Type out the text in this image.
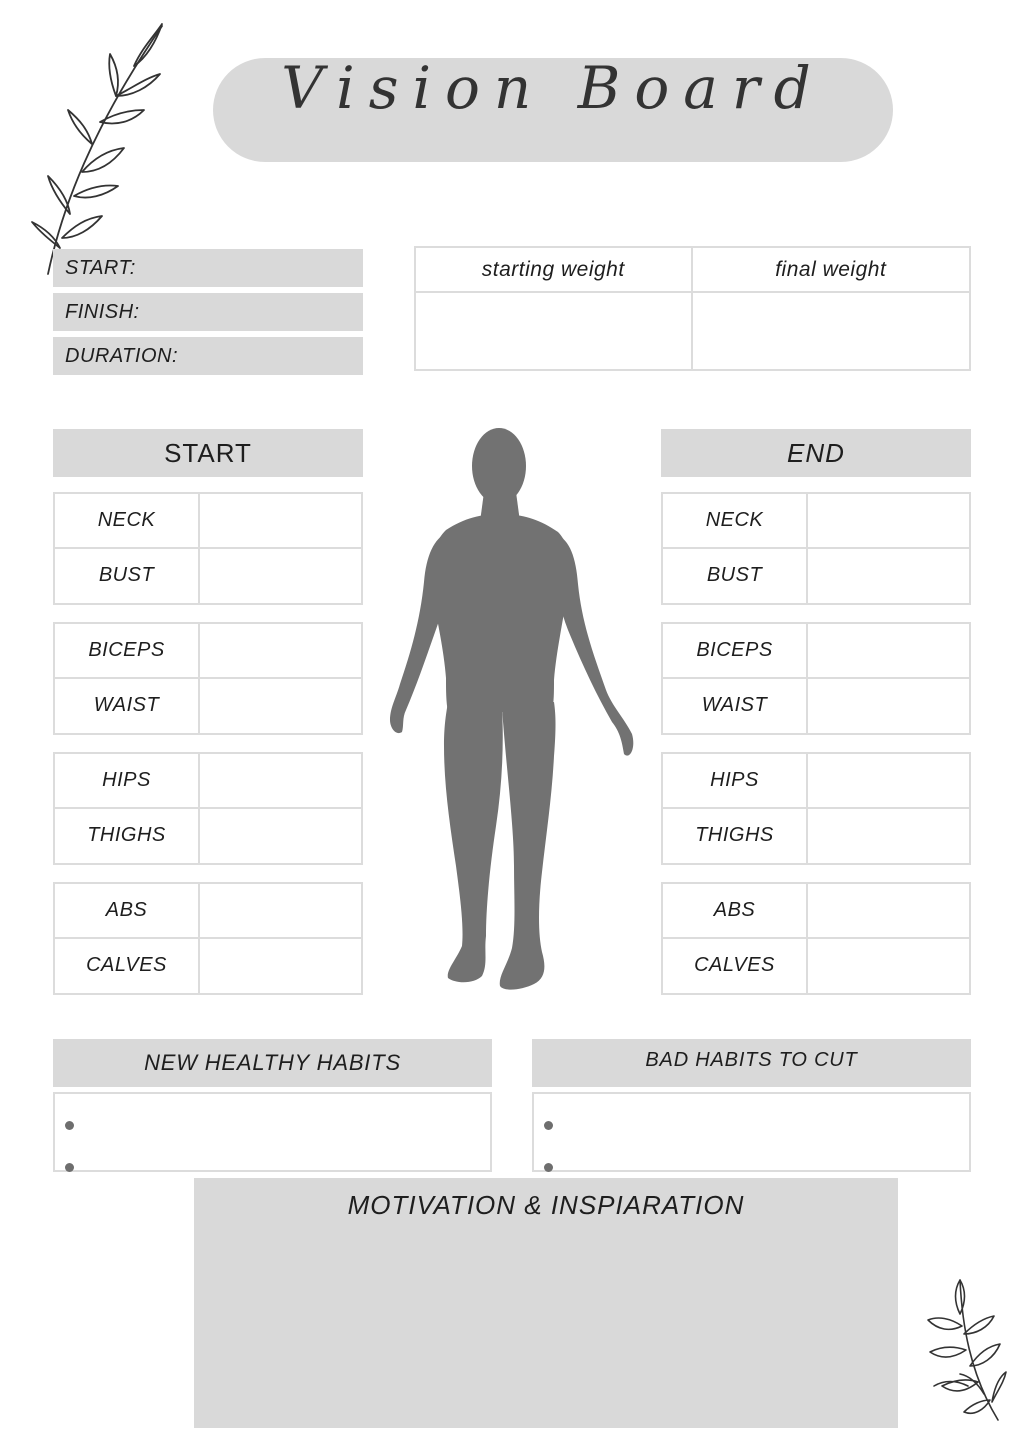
Vision Board
START:
FINISH:
DURATION:
starting weight	final weight
START
NECK
BUST
BICEPS
WAIST
HIPS
THIGHS
ABS
CALVES
END
NECK
BUST
BICEPS
WAIST
HIPS
THIGHS
ABS
CALVES
NEW HEALTHY HABITS	BAD HABITS TO CUT
MOTIVATION & INSPIARATION
